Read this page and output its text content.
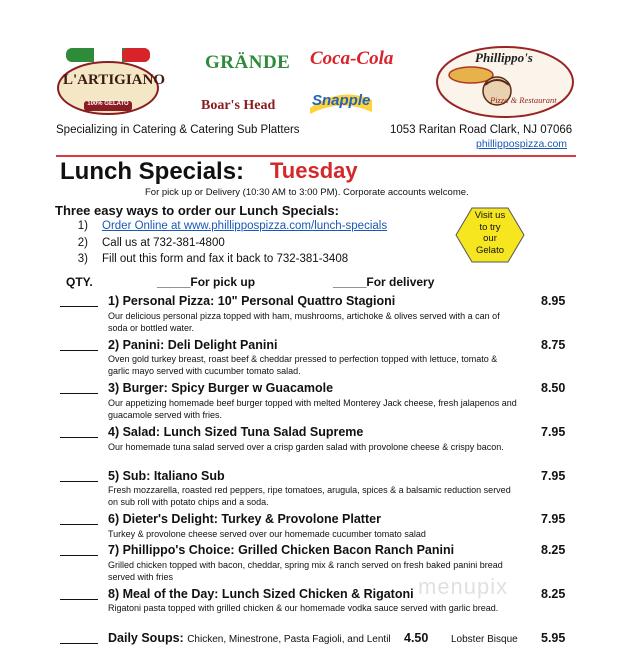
L'ARTIGIANO
100% GELATO
GRÄNDE Coca-Cola
Boar's Head Snapple
Phillippo's
Pizza & Restaurant
Specializing in Catering & Catering Sub Platters	1053 Raritan Road Clark, NJ 07066
phillippospizza.com
Lunch Specials: Tuesday
For pick up or Delivery (10:30 AM to 3:00 PM). Corporate accounts welcome.
Three easy ways to order our Lunch Specials:
1) Order Online at www.phillippospizza.com/lunch-specials
2) Call us at 732-381-4800
3) Fill out this form and fax it back to 732-381-3408
Visit us
to try
our
Gelato
QTY.	_____For pick up	_____For delivery
1) Personal Pizza: 10" Personal Quattro Stagioni
Our delicious personal pizza topped with ham, mushrooms, artichoke & olives served with a can of soda or bottled water.
8.95
2) Panini: Deli Delight Panini
Oven gold turkey breast, roast beef & cheddar pressed to perfection topped with lettuce, tomato & garlic mayo served with cucumber tomato salad.
8.75
3) Burger: Spicy Burger w Guacamole
Our appetizing homemade beef burger topped with melted Monterey Jack cheese, fresh jalapenos and guacamole served with fries.
8.50
4) Salad: Lunch Sized Tuna Salad Supreme
Our homemade tuna salad served over a crisp garden salad with provolone cheese & crispy bacon.
7.95
5) Sub: Italiano Sub
Fresh mozzarella, roasted red peppers, ripe tomatoes, arugula, spices & a balsamic reduction served on sub roll with potato chips and a soda.
7.95
6) Dieter's Delight: Turkey & Provolone Platter
Turkey & provolone cheese served over our homemade cucumber tomato salad
7.95
7) Phillippo's Choice: Grilled Chicken Bacon Ranch Panini
Grilled chicken topped with bacon, cheddar, spring mix & ranch served on fresh baked panini bread served with fries
8.25
8) Meal of the Day: Lunch Sized Chicken & Rigatoni
Rigatoni pasta topped with grilled chicken & our homemade vodka sauce served with garlic bread.
8.25
Daily Soups: Chicken, Minestrone, Pasta Fagioli, and Lentil 4.50 Lobster Bisque 5.95
menupix
